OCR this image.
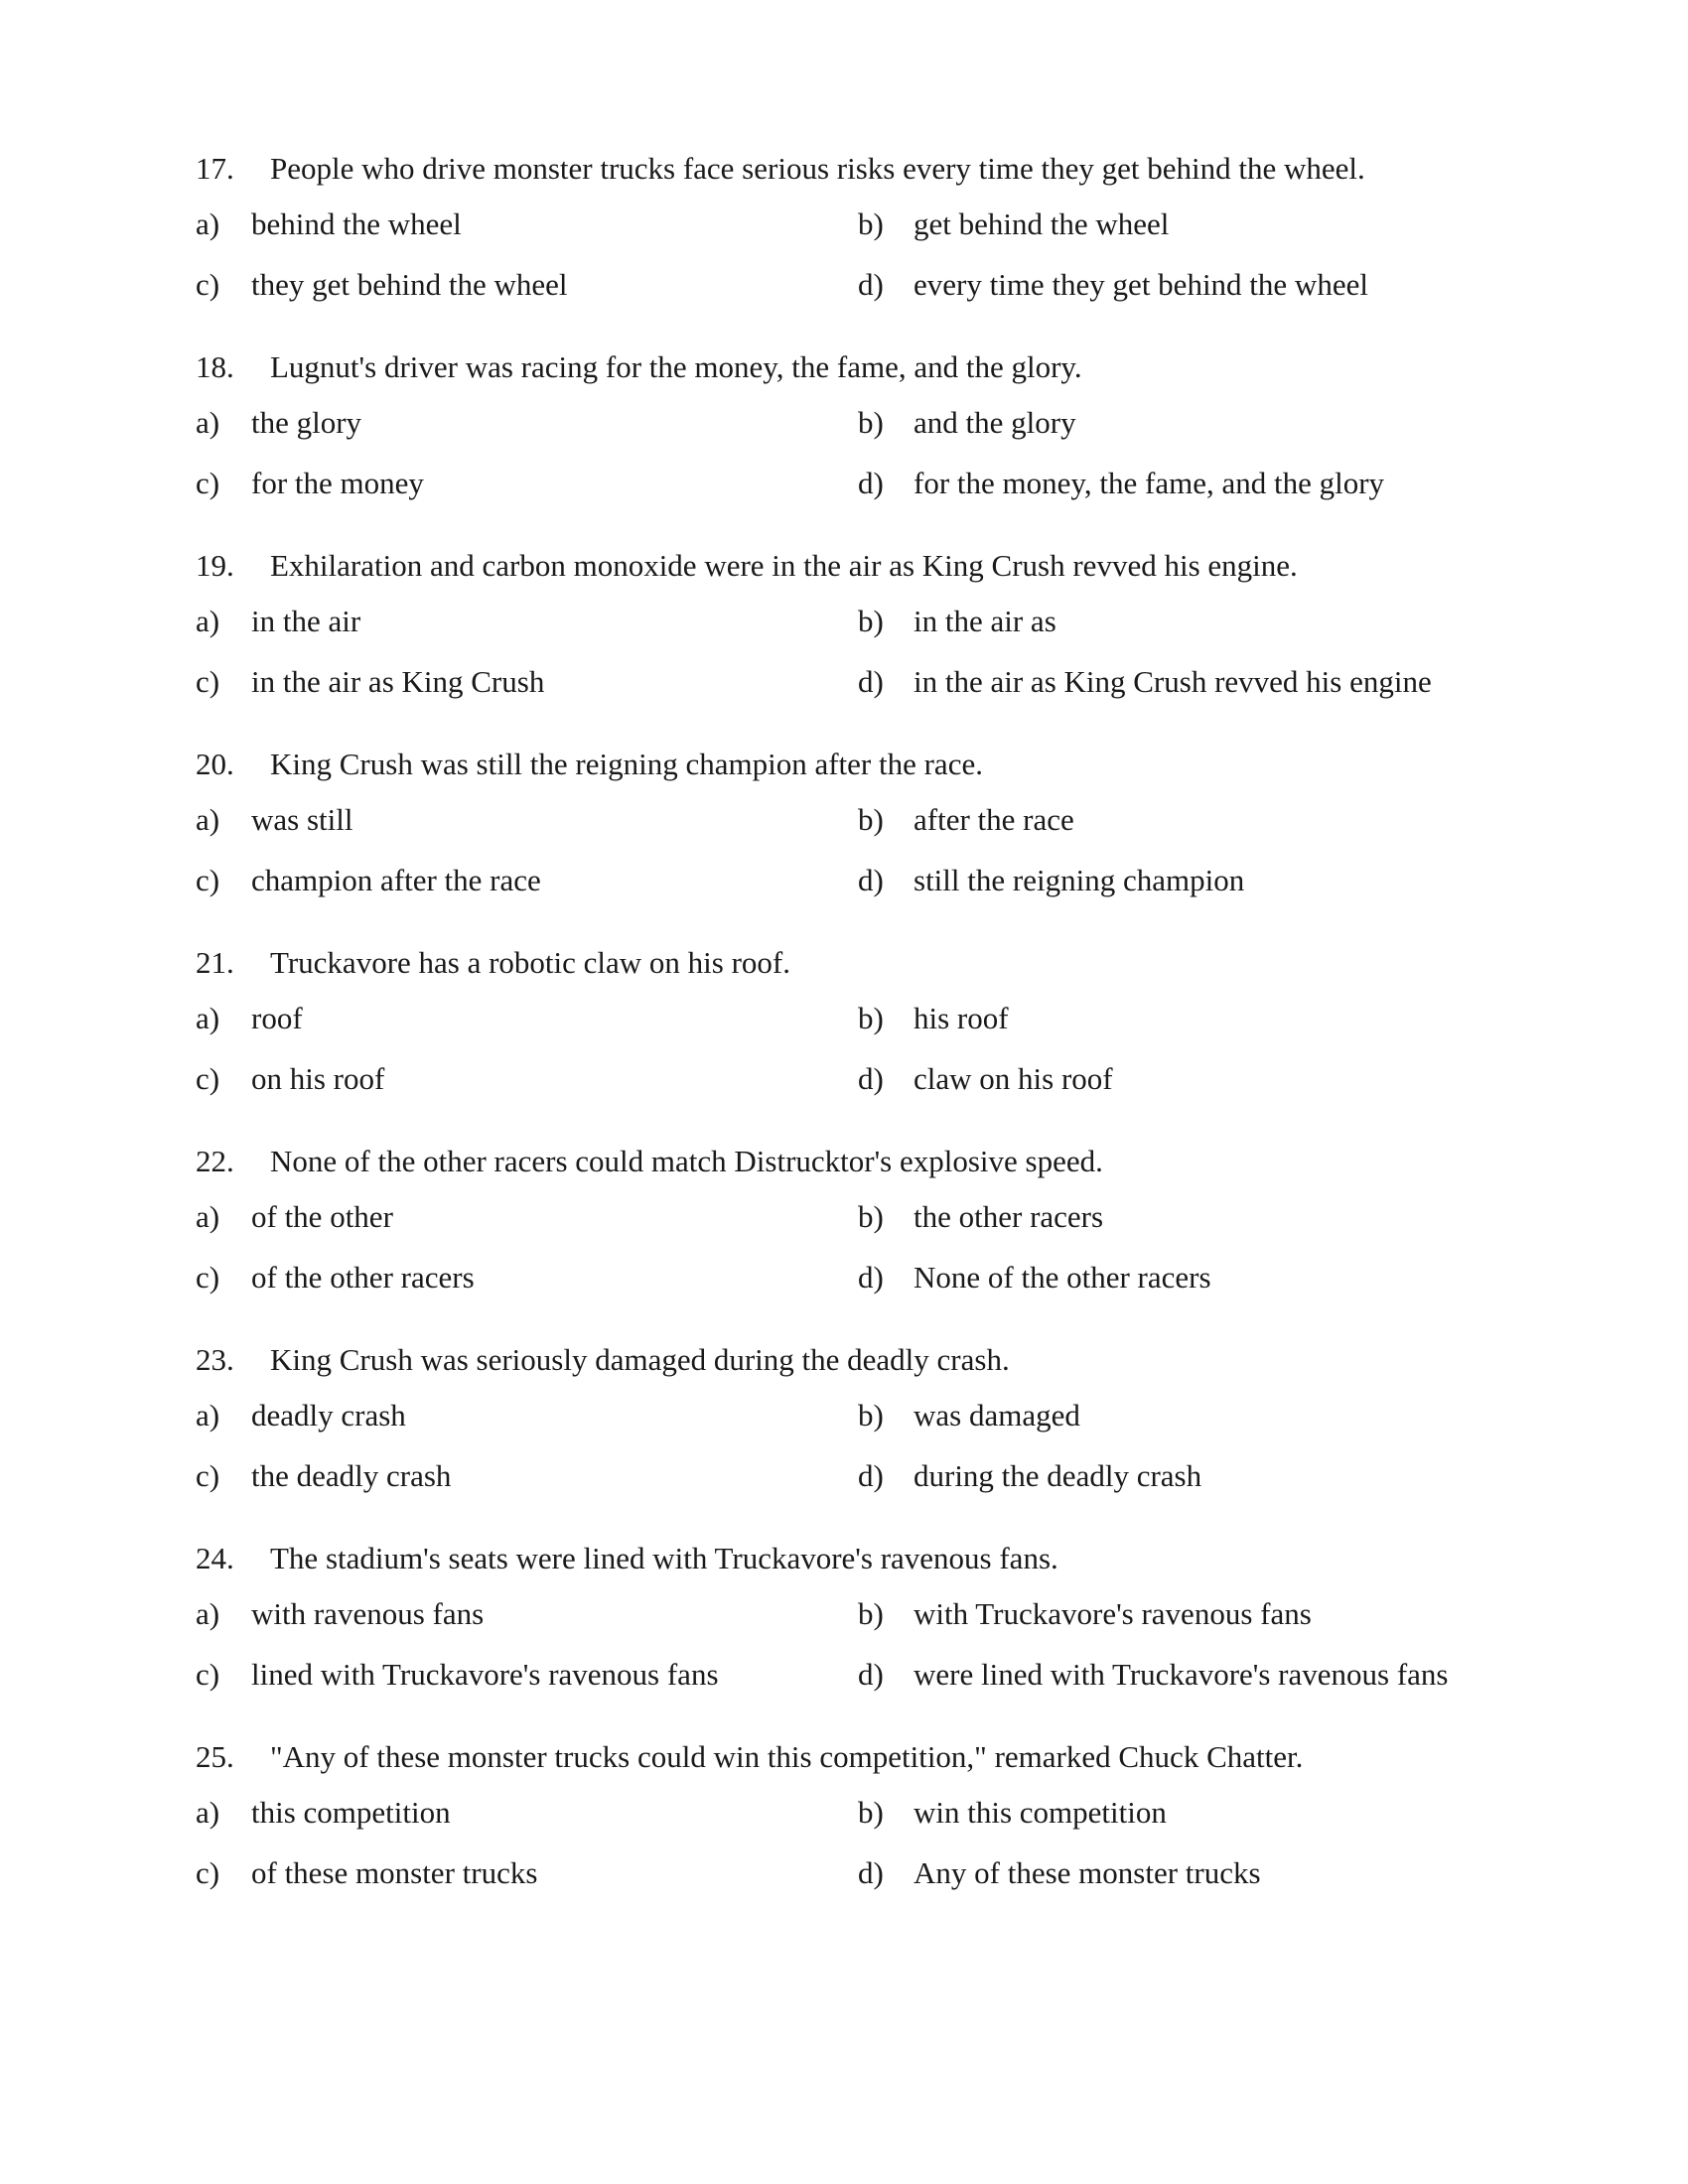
17. People who drive monster trucks face serious risks every time they get behind the wheel.
a) behind the wheel	b) get behind the wheel
c) they get behind the wheel	d) every time they get behind the wheel
18. Lugnut's driver was racing for the money, the fame, and the glory.
a) the glory	b) and the glory
c) for the money	d) for the money, the fame, and the glory
19. Exhilaration and carbon monoxide were in the air as King Crush revved his engine.
a) in the air	b) in the air as
c) in the air as King Crush	d) in the air as King Crush revved his engine
20. King Crush was still the reigning champion after the race.
a) was still	b) after the race
c) champion after the race	d) still the reigning champion
21. Truckavore has a robotic claw on his roof.
a) roof	b) his roof
c) on his roof	d) claw on his roof
22. None of the other racers could match Distrucktor's explosive speed.
a) of the other	b) the other racers
c) of the other racers	d) None of the other racers
23. King Crush was seriously damaged during the deadly crash.
a) deadly crash	b) was damaged
c) the deadly crash	d) during the deadly crash
24. The stadium's seats were lined with Truckavore's ravenous fans.
a) with ravenous fans	b) with Truckavore's ravenous fans
c) lined with Truckavore's ravenous fans	d) were lined with Truckavore's ravenous fans
25. "Any of these monster trucks could win this competition," remarked Chuck Chatter.
a) this competition	b) win this competition
c) of these monster trucks	d) Any of these monster trucks
